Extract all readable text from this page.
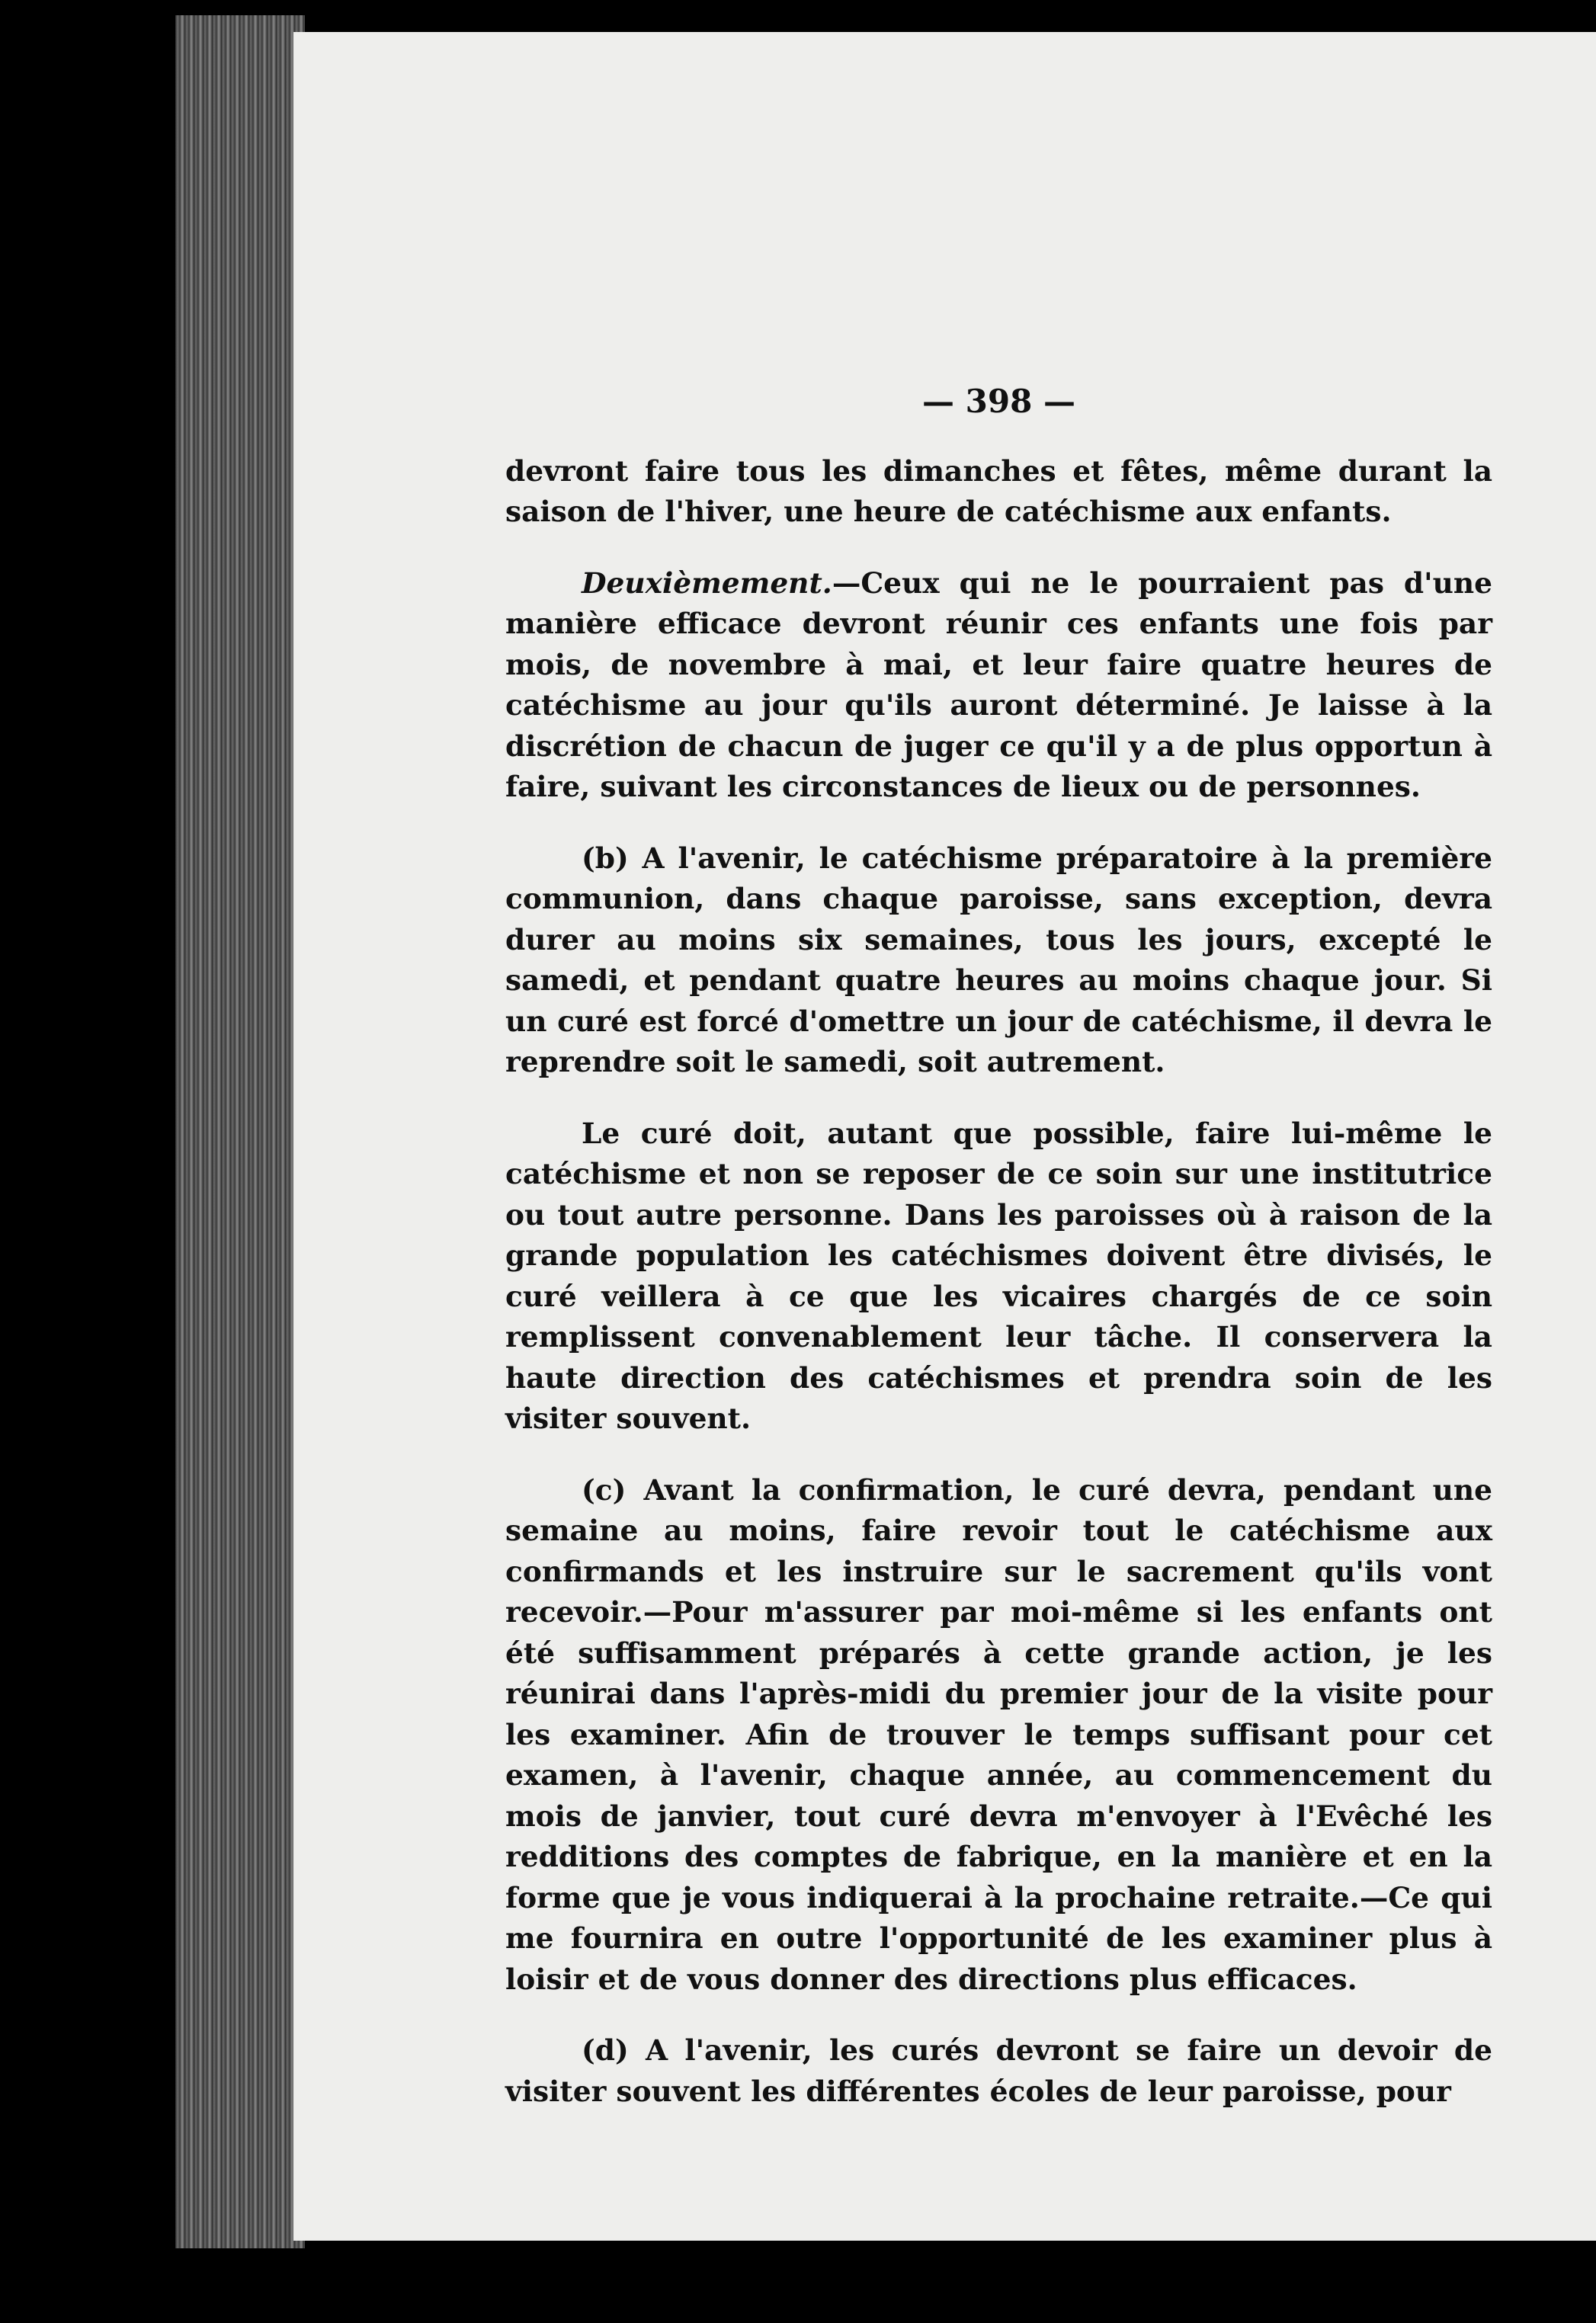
— 398 —

devront faire tous les dimanches et fêtes, même durant la saison de l'hiver, une heure de catéchisme aux enfants.

Deuxièmement.—Ceux qui ne le pourraient pas d'une manière efficace devront réunir ces enfants une fois par mois, de novembre à mai, et leur faire quatre heures de catéchisme au jour qu'ils auront déterminé. Je laisse à la discrétion de chacun de juger ce qu'il y a de plus opportun à faire, suivant les circonstances de lieux ou de personnes.

(b) A l'avenir, le catéchisme préparatoire à la première communion, dans chaque paroisse, sans exception, devra durer au moins six semaines, tous les jours, excepté le samedi, et pendant quatre heures au moins chaque jour. Si un curé est forcé d'omettre un jour de catéchisme, il devra le reprendre soit le samedi, soit autrement.

Le curé doit, autant que possible, faire lui-même le catéchisme et non se reposer de ce soin sur une institutrice ou tout autre personne. Dans les paroisses où à raison de la grande population les catéchismes doivent être divisés, le curé veillera à ce que les vicaires chargés de ce soin remplissent convenablement leur tâche. Il conservera la haute direction des catéchismes et prendra soin de les visiter souvent.

(c) Avant la confirmation, le curé devra, pendant une semaine au moins, faire revoir tout le catéchisme aux confirmands et les instruire sur le sacrement qu'ils vont recevoir.—Pour m'assurer par moi-même si les enfants ont été suffisamment préparés à cette grande action, je les réunirai dans l'après-midi du premier jour de la visite pour les examiner. Afin de trouver le temps suffisant pour cet examen, à l'avenir, chaque année, au commencement du mois de janvier, tout curé devra m'envoyer à l'Evêché les redditions des comptes de fabrique, en la manière et en la forme que je vous indiquerai à la prochaine retraite.—Ce qui me fournira en outre l'opportunité de les examiner plus à loisir et de vous donner des directions plus efficaces.

(d) A l'avenir, les curés devront se faire un devoir de visiter souvent les différentes écoles de leur paroisse, pour
